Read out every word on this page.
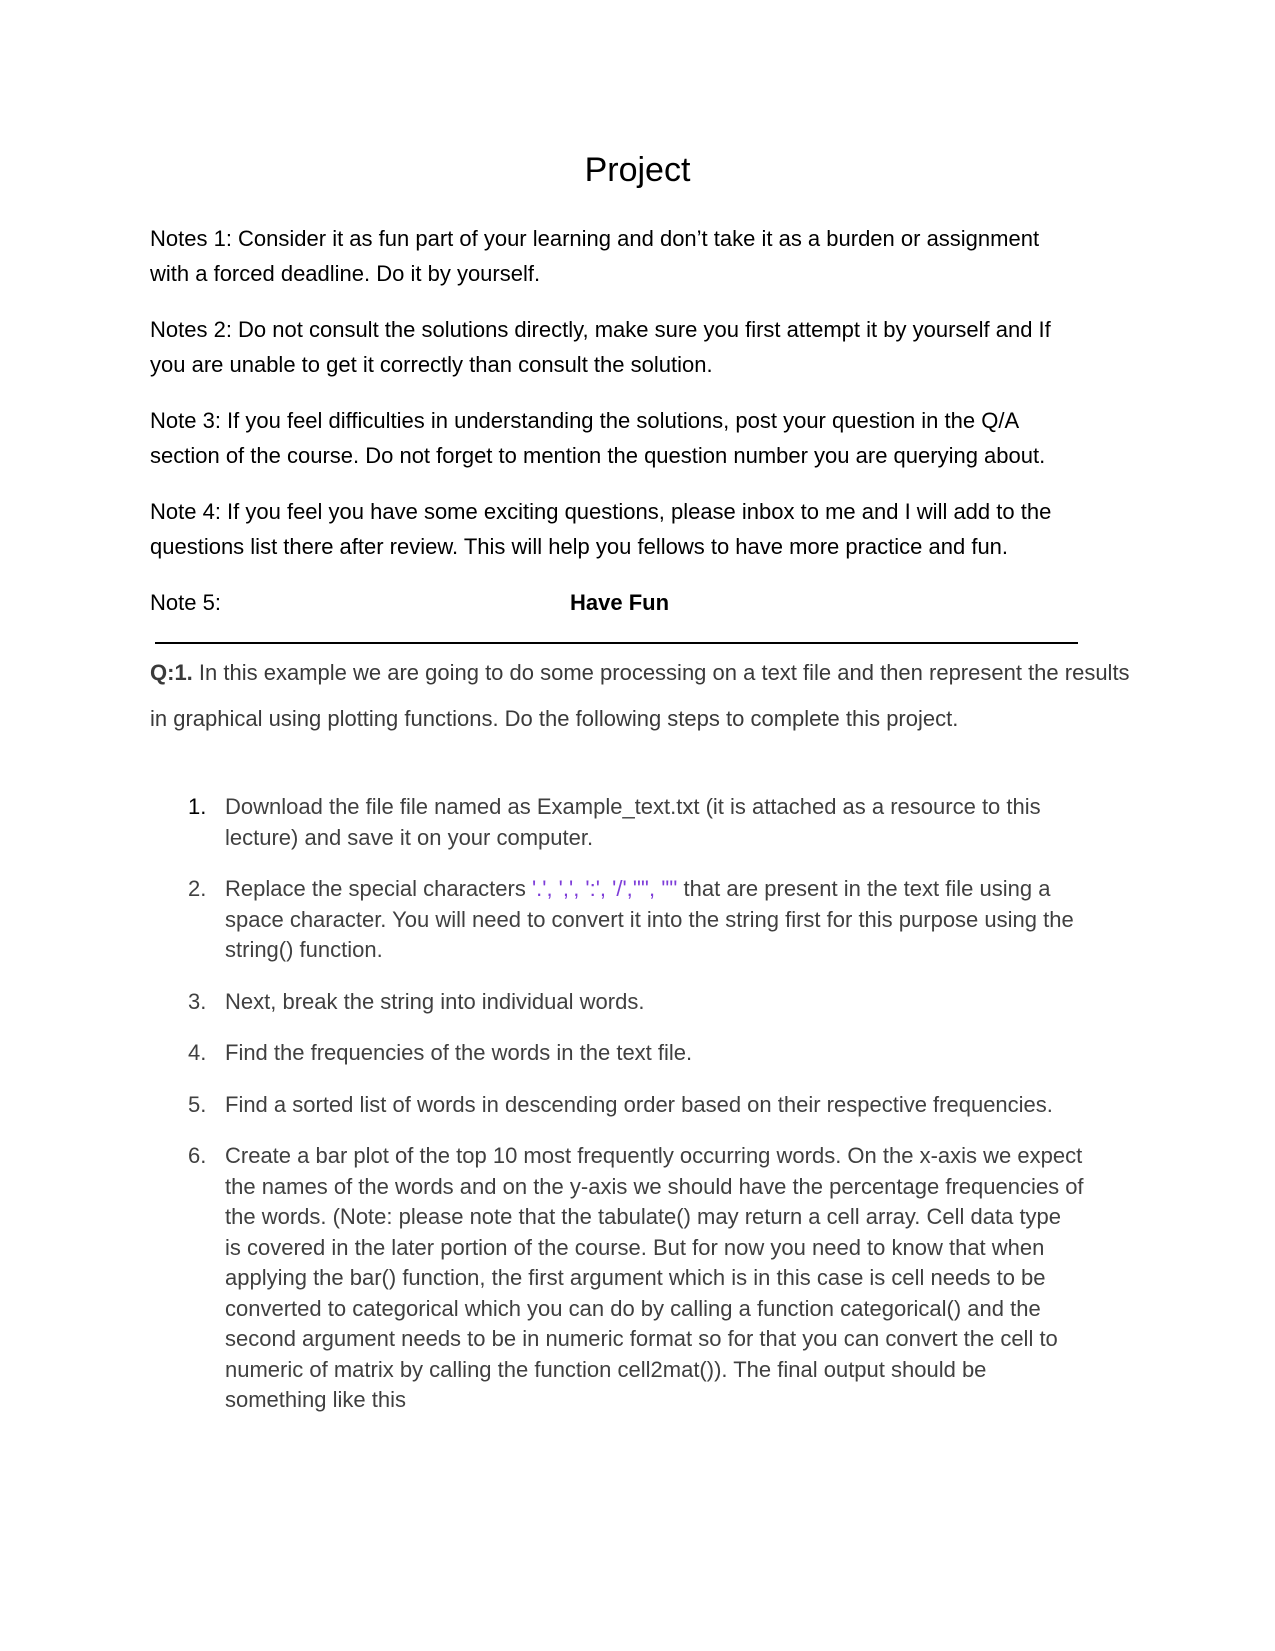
Project
Notes 1: Consider it as fun part of your learning and don’t take it as a burden or assignment
with a forced deadline. Do it by yourself.
Notes 2: Do not consult the solutions directly, make sure you first attempt it by yourself and If
you are unable to get it correctly than consult the solution.
Note 3: If you feel difficulties in understanding the solutions, post your question in the Q/A
section of the course. Do not forget to mention the question number you are querying about.
Note 4: If you feel you have some exciting questions, please inbox to me and I will add to the
questions list there after review. This will help you fellows to have more practice and fun.
Note 5:	Have Fun
Q:1. In this example we are going to do some processing on a text file and then represent the results in graphical using plotting functions. Do the following steps to complete this project.
1. Download the file file named as Example_text.txt (it is attached as a resource to this
lecture) and save it on your computer.
2. Replace the special characters '.', ',', ':', '/','"', '"' that are present in the text file using a
space character. You will need to convert it into the string first for this purpose using the
string() function.
3. Next, break the string into individual words.
4. Find the frequencies of the words in the text file.
5. Find a sorted list of words in descending order based on their respective frequencies.
6. Create a bar plot of the top 10 most frequently occurring words. On the x-axis we expect
the names of the words and on the y-axis we should have the percentage frequencies of
the words. (Note: please note that the tabulate() may return a cell array. Cell data type
is covered in the later portion of the course. But for now you need to know that when
applying the bar() function, the first argument which is in this case is cell needs to be
converted to categorical which you can do by calling a function categorical() and the
second argument needs to be in numeric format so for that you can convert the cell to
numeric of matrix by calling the function cell2mat()). The final output should be
something like this
